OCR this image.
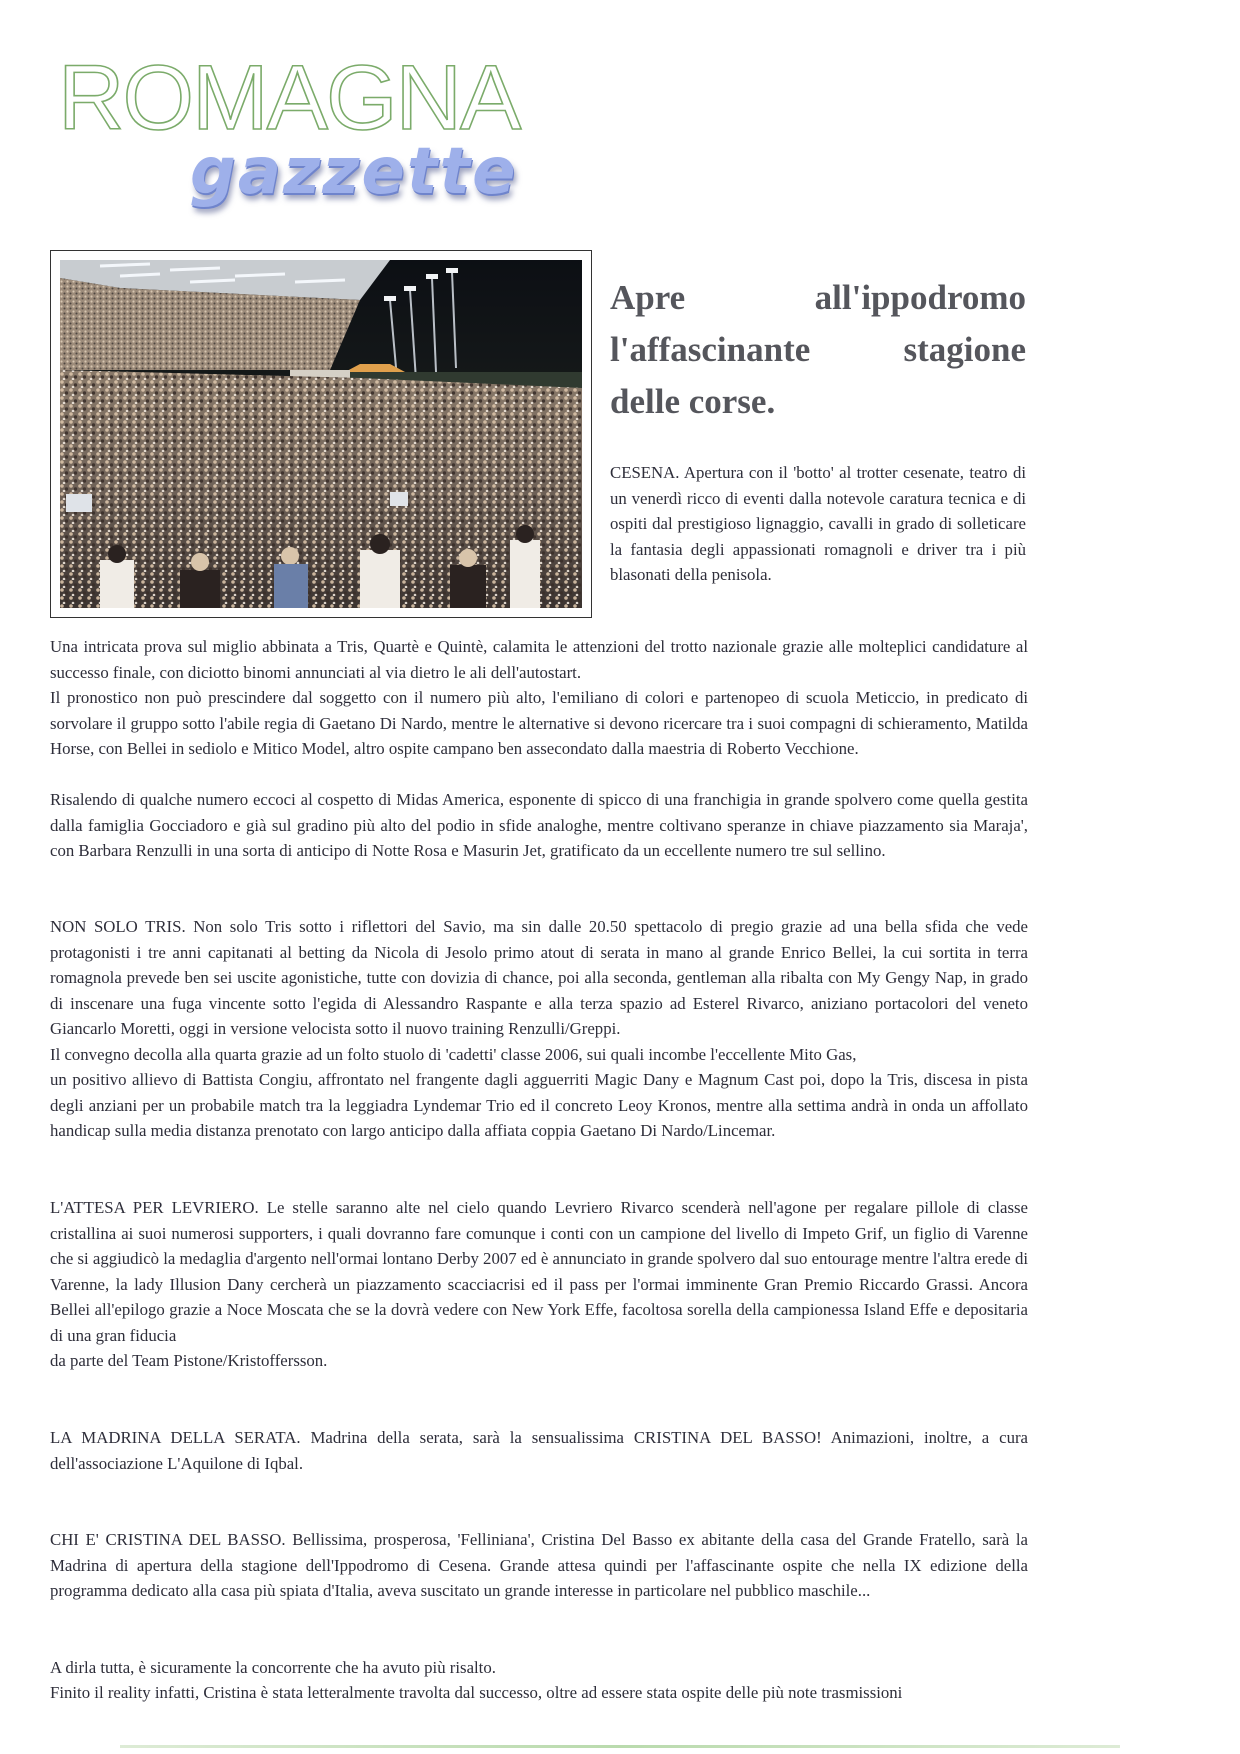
ROMAGNA
gazzette
Apre all'ippodromo
l'affascinante stagione
delle corse.

CESENA. Apertura con il 'botto' al trotter cesenate, teatro di un venerdì ricco di eventi dalla notevole caratura tecnica e di ospiti dal prestigioso lignaggio, cavalli in grado di solleticare la fantasia degli appassionati romagnoli e driver tra i più blasonati della penisola.

Una intricata prova sul miglio abbinata a Tris, Quartè e Quintè, calamita le attenzioni del trotto nazionale grazie alle molteplici candidature al successo finale, con diciotto binomi annunciati al via dietro le ali dell'autostart.

Il pronostico non può prescindere dal soggetto con il numero più alto, l'emiliano di colori e partenopeo di scuola Meticcio, in predicato di sorvolare il gruppo sotto l'abile regia di Gaetano Di Nardo, mentre le alternative si devono ricercare tra i suoi compagni di schieramento, Matilda Horse, con Bellei in sediolo e Mitico Model, altro ospite campano ben assecondato dalla maestria di Roberto Vecchione.

Risalendo di qualche numero eccoci al cospetto di Midas America, esponente di spicco di una franchigia in grande spolvero come quella gestita dalla famiglia Gocciadoro e già sul gradino più alto del podio in sfide analoghe, mentre coltivano speranze in chiave piazzamento sia Maraja', con Barbara Renzulli in una sorta di anticipo di Notte Rosa e Masurin Jet, gratificato da un eccellente numero tre sul sellino.

NON SOLO TRIS. Non solo Tris sotto i riflettori del Savio, ma sin dalle 20.50 spettacolo di pregio grazie ad una bella sfida che vede protagonisti i tre anni capitanati al betting da Nicola di Jesolo primo atout di serata in mano al grande Enrico Bellei, la cui sortita in terra romagnola prevede ben sei uscite agonistiche, tutte con dovizia di chance, poi alla seconda, gentleman alla ribalta con My Gengy Nap, in grado di inscenare una fuga vincente sotto l'egida di Alessandro Raspante e alla terza spazio ad Esterel Rivarco, aniziano portacolori del veneto Giancarlo Moretti, oggi in versione velocista sotto il nuovo training Renzulli/Greppi.

Il convegno decolla alla quarta grazie ad un folto stuolo di 'cadetti' classe 2006, sui quali incombe l'eccellente Mito Gas,

un positivo allievo di Battista Congiu, affrontato nel frangente dagli agguerriti Magic Dany e Magnum Cast poi, dopo la Tris, discesa in pista degli anziani per un probabile match tra la leggiadra Lyndemar Trio ed il concreto Leoy Kronos, mentre alla settima andrà in onda un affollato handicap sulla media distanza prenotato con largo anticipo dalla affiata coppia Gaetano Di Nardo/Lincemar.

L'ATTESA PER LEVRIERO. Le stelle saranno alte nel cielo quando Levriero Rivarco scenderà nell'agone per regalare pillole di classe cristallina ai suoi numerosi supporters, i quali dovranno fare comunque i conti con un campione del livello di Impeto Grif, un figlio di Varenne che si aggiudicò la medaglia d'argento nell'ormai lontano Derby 2007 ed è annunciato in grande spolvero dal suo entourage mentre l'altra erede di Varenne, la lady Illusion Dany cercherà un piazzamento scacciacrisi ed il pass per l'ormai imminente Gran Premio Riccardo Grassi. Ancora Bellei all'epilogo grazie a Noce Moscata che se la dovrà vedere con New York Effe, facoltosa sorella della campionessa Island Effe e depositaria di una gran fiducia

da parte del Team Pistone/Kristoffersson.

LA MADRINA DELLA SERATA. Madrina della serata, sarà la sensualissima CRISTINA DEL BASSO! Animazioni, inoltre, a cura dell'associazione L'Aquilone di Iqbal.

CHI E' CRISTINA DEL BASSO. Bellissima, prosperosa, 'Felliniana', Cristina Del Basso ex abitante della casa del Grande Fratello, sarà la Madrina di apertura della stagione dell'Ippodromo di Cesena. Grande attesa quindi per l'affascinante ospite che nella IX edizione della programma dedicato alla casa più spiata d'Italia, aveva suscitato un grande interesse in particolare nel pubblico maschile...

A dirla tutta, è sicuramente la concorrente che ha avuto più risalto.

Finito il reality infatti, Cristina è stata letteralmente travolta dal successo, oltre ad essere stata ospite delle più note trasmissioni
